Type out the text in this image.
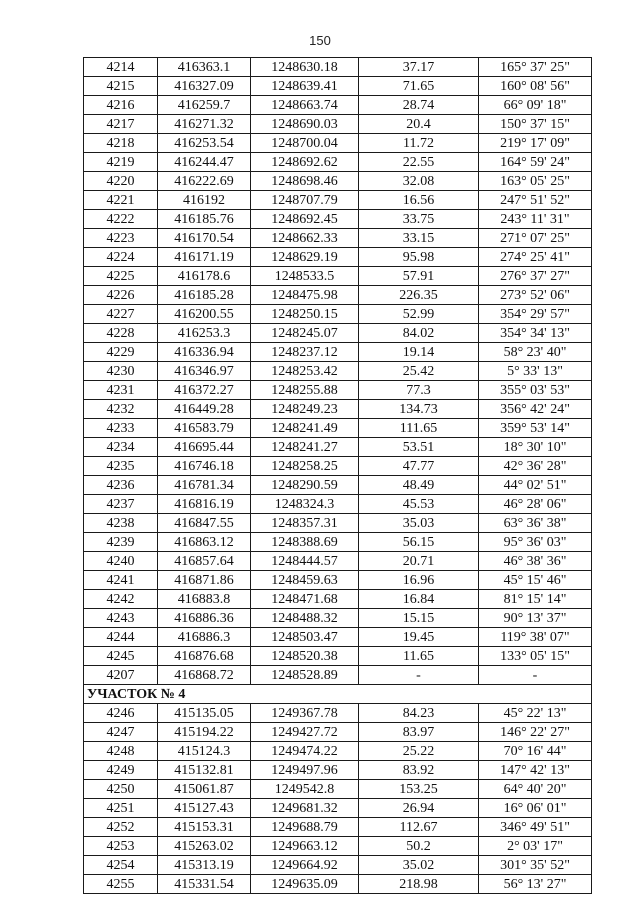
150
4214	416363.1	1248630.18	37.17	165° 37' 25"
4215	416327.09	1248639.41	71.65	160° 08' 56"
4216	416259.7	1248663.74	28.74	66° 09' 18"
4217	416271.32	1248690.03	20.4	150° 37' 15"
4218	416253.54	1248700.04	11.72	219° 17' 09"
4219	416244.47	1248692.62	22.55	164° 59' 24"
4220	416222.69	1248698.46	32.08	163° 05' 25"
4221	416192	1248707.79	16.56	247° 51' 52"
4222	416185.76	1248692.45	33.75	243° 11' 31"
4223	416170.54	1248662.33	33.15	271° 07' 25"
4224	416171.19	1248629.19	95.98	274° 25' 41"
4225	416178.6	1248533.5	57.91	276° 37' 27"
4226	416185.28	1248475.98	226.35	273° 52' 06"
4227	416200.55	1248250.15	52.99	354° 29' 57"
4228	416253.3	1248245.07	84.02	354° 34' 13"
4229	416336.94	1248237.12	19.14	58° 23' 40"
4230	416346.97	1248253.42	25.42	5° 33' 13"
4231	416372.27	1248255.88	77.3	355° 03' 53"
4232	416449.28	1248249.23	134.73	356° 42' 24"
4233	416583.79	1248241.49	111.65	359° 53' 14"
4234	416695.44	1248241.27	53.51	18° 30' 10"
4235	416746.18	1248258.25	47.77	42° 36' 28"
4236	416781.34	1248290.59	48.49	44° 02' 51"
4237	416816.19	1248324.3	45.53	46° 28' 06"
4238	416847.55	1248357.31	35.03	63° 36' 38"
4239	416863.12	1248388.69	56.15	95° 36' 03"
4240	416857.64	1248444.57	20.71	46° 38' 36"
4241	416871.86	1248459.63	16.96	45° 15' 46"
4242	416883.8	1248471.68	16.84	81° 15' 14"
4243	416886.36	1248488.32	15.15	90° 13' 37"
4244	416886.3	1248503.47	19.45	119° 38' 07"
4245	416876.68	1248520.38	11.65	133° 05' 15"
4207	416868.72	1248528.89	-	-
УЧАСТОК № 4				
4246	415135.05	1249367.78	84.23	45° 22' 13"
4247	415194.22	1249427.72	83.97	146° 22' 27"
4248	415124.3	1249474.22	25.22	70° 16' 44"
4249	415132.81	1249497.96	83.92	147° 42' 13"
4250	415061.87	1249542.8	153.25	64° 40' 20"
4251	415127.43	1249681.32	26.94	16° 06' 01"
4252	415153.31	1249688.79	112.67	346° 49' 51"
4253	415263.02	1249663.12	50.2	2° 03' 17"
4254	415313.19	1249664.92	35.02	301° 35' 52"
4255	415331.54	1249635.09	218.98	56° 13' 27"
